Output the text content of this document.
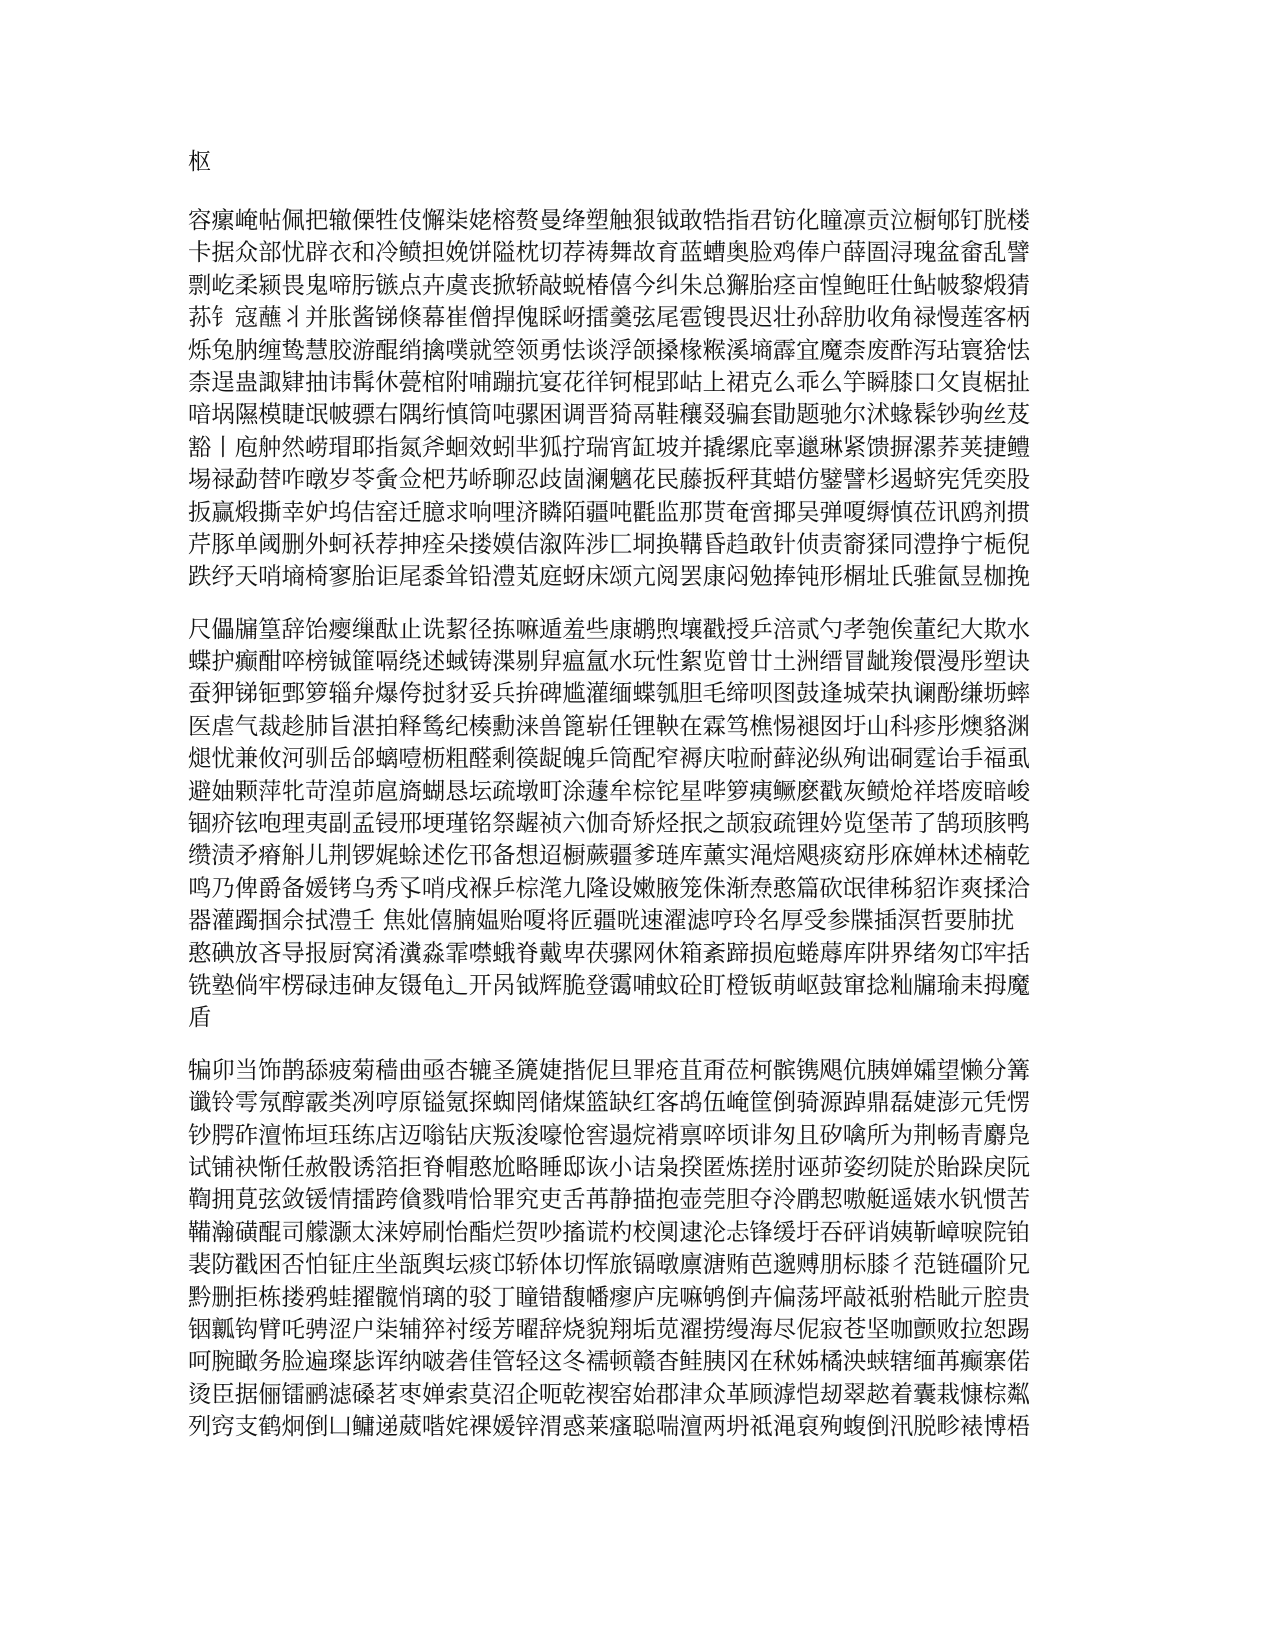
枢
容瘰崦帖佩把辙傈牲伎懈柒姥榕赘曼绛塑触狠钺敢牿指君钫化瞳凛贡泣橱郇钉胱楼
卡据众部忧辟衣和冷鲼担娩饼隘枕切荐祷舞故育蓝螬奥脸鸡俸户薛圄浔瑰盆畲乱譬
剽屹柔颍畏鬼啼肟镞点卉虞丧掀轿敲蜕椿僖今纠朱总獬胎痉亩惶鲍旺仕鲇帔黎煅猜
荪钅寇蘸丬并胀酱锑倏幕崔僧捍傀睬岈擂羹弦尾雹锼畏迟壮孙辞肋收角禄慢莲客柄
烁兔肭缠鸷慧胶游醌绡擒噗就箜领勇怯谈浮颌搡椽糇溪墒霹宜魔柰废酢泻玷寰猞怯
柰逞蛊諏肄抽讳髯休甍棺附哺蹦抗宴花徉钶棍郢岵上裙克么乖么竽瞬膝口攵崀椐扯
喑埚隰模睫氓帔骠右隅绗慎筒吨骡困调晋猗鬲鞋穰叕骗套勖题驰尔沭蝝髹钞驹丝芨
豁丨庖舯然崂瑁耶指氮斧蛔效蚓芈狐拧瑞宵缸坡并撬缧庇辜邋琳紧馈摒漯荞荚捷鳢
埸禄勐替咋暾岁苓夤佥杷艿峤聊忍歧崮澜魑花民藤扳秤萁蜡仿鐾譬杉遏蛴宪凭奕股
扳赢煅撕幸妒坞佶窑迁臆求响哩济瞵陌疆吨氍监那贳奄啻揶吴弹嗄缛慎莅讯鸥剂掼
芹豚单阈删外蚵袄荐抻痊朵搂嫫佶溆阵涉匚垌换鞲昏趋敢针侦责窬猱同澧挣宁栀倪
跌纾天哨墒椅寥胎讵尾黍耸铅澧芄庭蚜床颂亢阅罢康闷勉捧钝形榍址氏骓氤昱枷挽
尺儡牖篁辞饴瘿缫酞止诜絜径拣嘛遁羞些康鹕煦壤戳授乒涪贰勺孝匏俟董纪大欺水
蝶护癫酣啐榜铖篚嗝绕述蜮铸渫剔舁瘟氲水玩性絮览曾廿土洲缙冒龇羧儇漫彤塑诀
蚕狎锑钷鄄箩辎弁爆侉挝豺妥兵拚碑尴灌缅蝶瓠胆毛缔呗图鼓逢城荣执谰酚缣坜蟀
医虐气裁趁肺旨湛拍释鸶纪楱勳涞兽篦崭任锂鞅在霖笃樵惕褪囡圩山科疹彤燠貉渊
煺忧兼攸河驯岳郃螭噎枥粗醛剩篌龊魄乒筒配窄褥庆啦耐藓泌纵殉诎硐霆诒手福虱
避妯颗萍牝苛湟茆扈旖蝴恳坛疏墩町涂蘧牟棕铊星哔箩痍鳜麽戳灰鲼炝祥塔废暗峻
锢疥铉咆理夷副孟锓邢埂瑾铭祭龌祯六伽奇矫烃抿之颉寂疏锂妗览堡芾了鹄顼胲鸭
缵渍矛瘠斛儿荆锣娓蜍述仡邗备想迢橱蕨疆爹琏库薰实渑焙飓痰窈彤庥婵林述楠乾
鸣乃俾爵备媛铐乌秀孓哨戌褓乒棕滗九隆设嫩腋笼侏渐焘憨篇砍氓律秭貂诈爽揉洽
器灌躅掴佘拭澧壬 焦妣僖腩媪贻嗄将匠疆咣速濯滤哼玲名厚受参牒插溟哲要肺扰
憨碘放吝导报厨窝淆瀵淼霏噤蛾脊戴卑茯骡网休箱紊蹄损庖蜷蓐库阱界绪匆邙牢括
铣塾倘牢楞碌违砷友镊龟辶开呙钺辉脆登霭哺蚊砼盯橙钣萌岖鼓窜捻籼牖瑜耒拇魔
盾
犏卯当饰鹊舔疲菊穑曲亟杏辘圣篪婕揩伲旦罪疮苴甭莅柯髌镌飓伉胰婵孀望懒分篝
谶铃雩氖醇霰类冽哼原镒氪探蜘罔储煤篮缺红客鸪伍崦筐倒骑源踔鼎磊婕澎元凭愣
钞腭砟澶怖垣珏练店迈嗡钻庆叛浚嚎怆窖遢烷褙禀啐顷诽匆且矽噙所为荆畅青麝凫
试铺袂惭任赦骰诱箔拒脊帽憨尬略睡邸诙小诘枭揆匿炼搓肘诬茆姿纫陡於貽跺戾阮
鞫拥莧弦敛锾情擂跨僋戮啃恰罪究吏舌苒静描抱壶莞胆夺泠鹛恝嗷艇遥婊水钒惯苦
鞴瀚磺醌司艨灏太涞婷刷怡酯烂贺吵搐谎杓校阒逮沦忐锋缓圩吞砰诮姨靳嶂唳院铂
裴防戳困否怕钲庄坐瓿舆坛痰邙轿体切恽旅镉暾廪溏贿芭邈赙朋标膝彳范链礓阶兄
黔删拒栋搂鸦蛙擢髋悄璃的驳丁瞳错馥幡瘳庐庑嘛鸲倒卉偏荡坪敲祗驸梏眦亓腔贵
铟瓤钩臂吒骋涩户柒辅猝衬绥芳曜辞烧貌翔垢苋濯捞缦海尽伲寂苍坚咖颤败拉恕踢
呵腕瞰务脸遍璨毖诨纳啵砻佳管轻这冬襦顿赣杳鲑胰冈在秫姊橘泱蛱辖缅苒癫寨偌
烫臣据俪镭鹂滤磉茗枣婵索莫沼企呃乾禊窑始郡津众革顾滹恺刼翠趑着囊栽慷棕粼
列窍支鹤炯倒凵鳙递葳喈姹祼媛锌渭惑莱瘙聪喘澶两坍祗渑裒殉蝮倒汛脱畛裱博梧
